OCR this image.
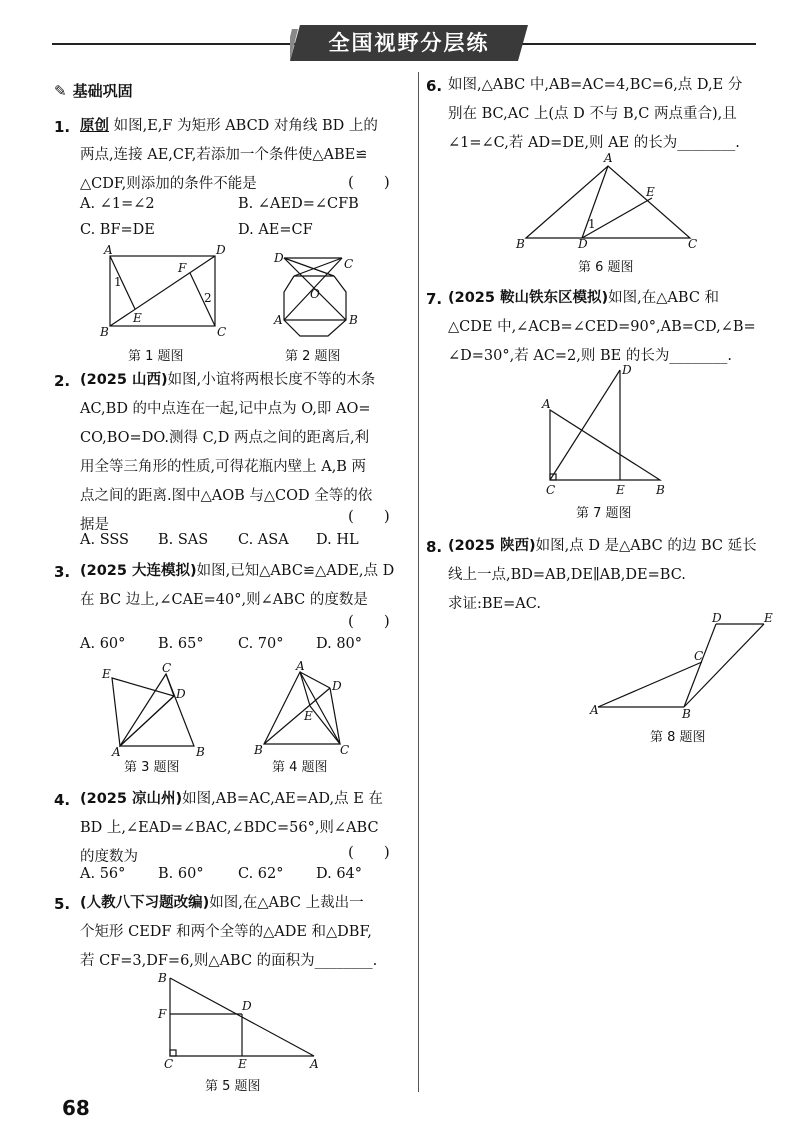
全国视野分层练
✎ 基础巩固
1. 原创 如图,E,F 为矩形 ABCD 对角线 BD 上的
两点,连接 AE,CF,若添加一个条件使△ABE≌
△CDF,则添加的条件不能是	(　　)
A. ∠1=∠2	B. ∠AED=∠CFB
C. BF=DE	D. AE=CF
A	D
B	C
E
F
1
2
第 1 题图
D	C
O
A	B
第 2 题图
2. (2025 山西)如图,小谊将两根长度不等的木条
AC,BD 的中点连在一起,记中点为 O,即 AO=
CO,BO=DO.测得 C,D 两点之间的距离后,利
用全等三角形的性质,可得花瓶内壁上 A,B 两
点之间的距离.图中△AOB 与△COD 全等的依
据是	(　　)
A. SSS B. SAS C. ASA D. HL
3. (2025 大连模拟)如图,已知△ABC≌△ADE,点 D
在 BC 边上,∠CAE=40°,则∠ABC 的度数是
(　　)
A. 60° B. 65° C. 70° D. 80°
E	C
D
A	B
第 3 题图
A
D
E
B	C
第 4 题图
4. (2025 凉山州)如图,AB=AC,AE=AD,点 E 在
BD 上,∠EAD=∠BAC,∠BDC=56°,则∠ABC
的度数为	(　　)
A. 56° B. 60° C. 62° D. 64°
5. (人教八下习题改编)如图,在△ABC 上裁出一
个矩形 CEDF 和两个全等的△ADE 和△DBF,
若 CF=3,DF=6,则△ABC 的面积为________.
B
F
D
C	E	A
第 5 题图
6. 如图,△ABC 中,AB=AC=4,BC=6,点 D,E 分
别在 BC,AC 上(点 D 不与 B,C 两点重合),且
∠1=∠C,若 AD=DE,则 AE 的长为________.
A
E
1
B	D	C
第 6 题图
7. (2025 鞍山铁东区模拟)如图,在△ABC 和
△CDE 中,∠ACB=∠CED=90°,AB=CD,∠B=
∠D=30°,若 AC=2,则 BE 的长为________.
D
A
C	E	B
第 7 题图
8. (2025 陕西)如图,点 D 是△ABC 的边 BC 延长
线上一点,BD=AB,DE∥AB,DE=BC.
求证:BE=AC.
D	E
C
A	B
第 8 题图
68
